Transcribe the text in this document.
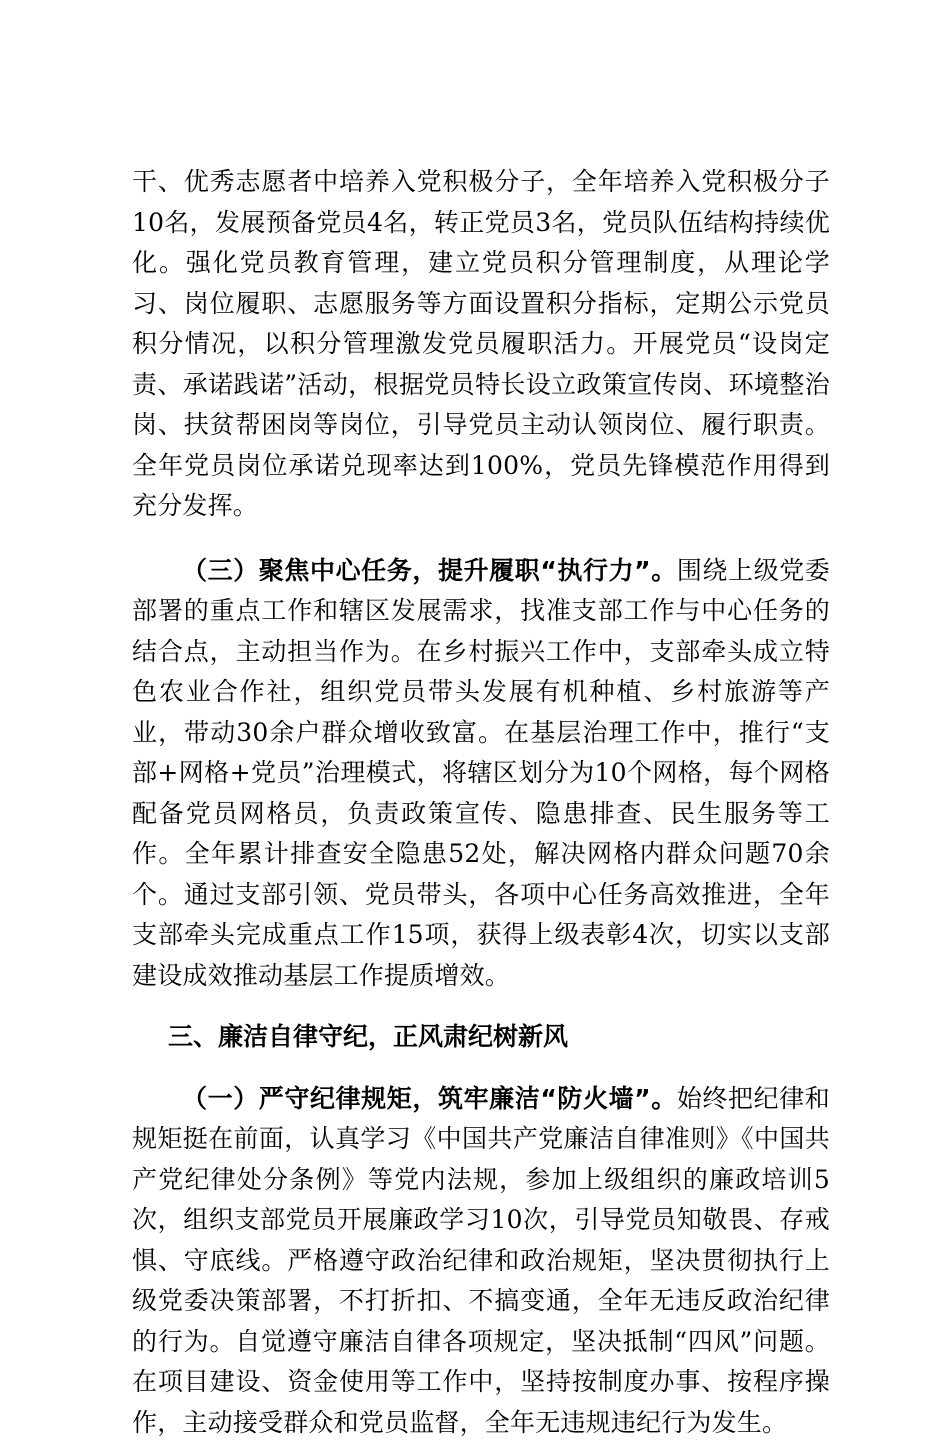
干、优秀志愿者中培养入党积极分子，全年培养入党积极分子10名，发展预备党员4名，转正党员3名，党员队伍结构持续优化。强化党员教育管理，建立党员积分管理制度，从理论学习、岗位履职、志愿服务等方面设置积分指标，定期公示党员积分情况，以积分管理激发党员履职活力。开展党员“设岗定责、承诺践诺”活动，根据党员特长设立政策宣传岗、环境整治岗、扶贫帮困岗等岗位，引导党员主动认领岗位、履行职责。全年党员岗位承诺兑现率达到100%，党员先锋模范作用得到充分发挥。

（三）聚焦中心任务，提升履职“执行力”。围绕上级党委部署的重点工作和辖区发展需求，找准支部工作与中心任务的结合点，主动担当作为。在乡村振兴工作中，支部牵头成立特色农业合作社，组织党员带头发展有机种植、乡村旅游等产业，带动30余户群众增收致富。在基层治理工作中，推行“支部+网格+党员”治理模式，将辖区划分为10个网格，每个网格配备党员网格员，负责政策宣传、隐患排查、民生服务等工作。全年累计排查安全隐患52处，解决网格内群众问题70余个。通过支部引领、党员带头，各项中心任务高效推进，全年支部牵头完成重点工作15项，获得上级表彰4次，切实以支部建设成效推动基层工作提质增效。

三、廉洁自律守纪，正风肃纪树新风

（一）严守纪律规矩，筑牢廉洁“防火墙”。始终把纪律和规矩挺在前面，认真学习《中国共产党廉洁自律准则》《中国共产党纪律处分条例》等党内法规，参加上级组织的廉政培训5次，组织支部党员开展廉政学习10次，引导党员知敬畏、存戒惧、守底线。严格遵守政治纪律和政治规矩，坚决贯彻执行上级党委决策部署，不打折扣、不搞变通，全年无违反政治纪律的行为。自觉遵守廉洁自律各项规定，坚决抵制“四风”问题。在项目建设、资金使用等工作中，坚持按制度办事、按程序操作，主动接受群众和党员监督，全年无违规违纪行为发生。
